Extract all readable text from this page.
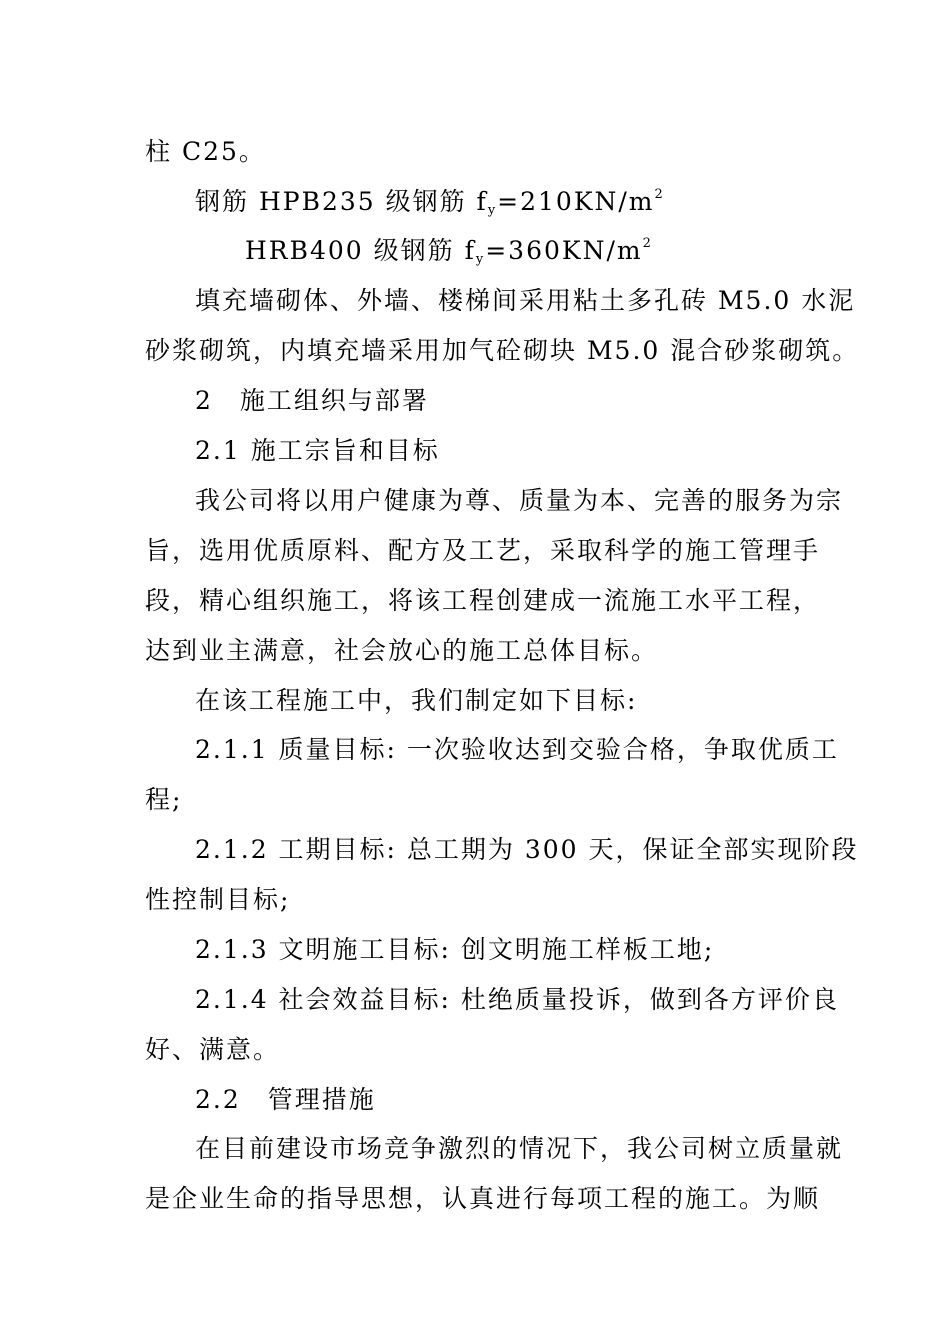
柱 C25。
钢筋 HPB235 级钢筋 $f_y=210KN/m^2$
HRB400 级钢筋 $f_y=360KN/m^2$
填充墙砌体、外墙、楼梯间采用粘土多孔砖 M5.0 水泥
砂浆砌筑，内填充墙采用加气砼砌块 M5.0 混合砂浆砌筑。
2　施工组织与部署
2.1 施工宗旨和目标
我公司将以用户健康为尊、质量为本、完善的服务为宗
旨，选用优质原料、配方及工艺，采取科学的施工管理手
段，精心组织施工，将该工程创建成一流施工水平工程，
达到业主满意，社会放心的施工总体目标。
在该工程施工中，我们制定如下目标:
2.1.1 质量目标: 一次验收达到交验合格，争取优质工
程;
2.1.2 工期目标: 总工期为 300 天，保证全部实现阶段
性控制目标;
2.1.3 文明施工目标: 创文明施工样板工地;
2.1.4 社会效益目标: 杜绝质量投诉，做到各方评价良
好、满意。
2.2　管理措施
在目前建设市场竞争激烈的情况下，我公司树立质量就
是企业生命的指导思想，认真进行每项工程的施工。为顺
